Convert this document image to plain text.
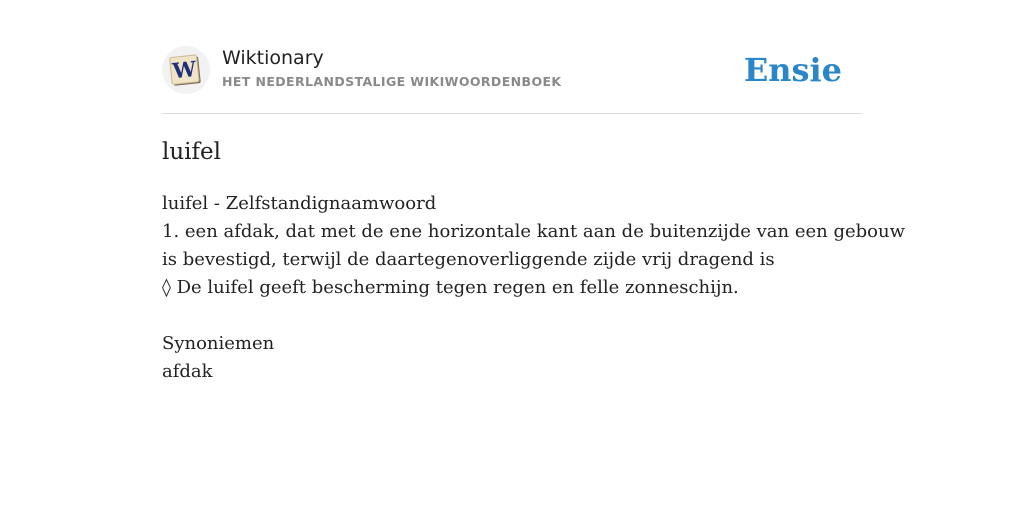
W Wiktionary
HET NEDERLANDSTALIGE WIKIWOORDENBOEK	Ensie
luifel
luifel - Zelfstandignaamwoord
1. een afdak, dat met de ene horizontale kant aan de buitenzijde van een gebouw
is bevestigd, terwijl de daartegenoverliggende zijde vrij dragend is
◊ De luifel geeft bescherming tegen regen en felle zonneschijn.
Synoniemen
afdak
